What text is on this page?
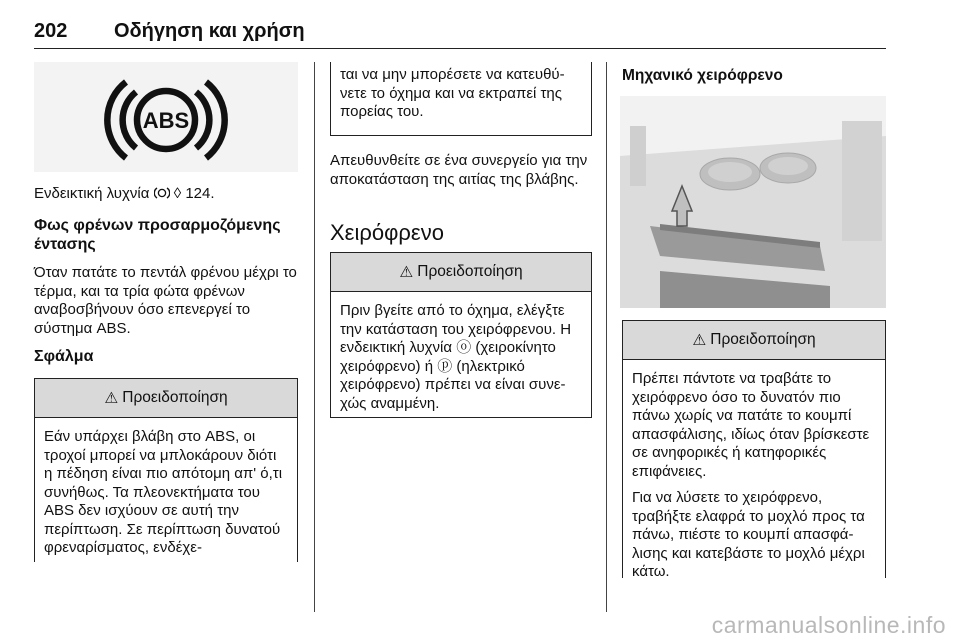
202 Οδήγηση και χρήση
ABS

Ενδεικτική λυχνία ◊ 124.

Φως φρένων προσαρμοζόμενης έντασης

Όταν πατάτε το πεντάλ φρένου μέχρι το τέρμα, και τα τρία φώτα φρένων αναβοσβήνουν όσο επενεργεί το σύστημα ABS.

Σφάλμα
⚠ Προειδοποίηση

Εάν υπάρχει βλάβη στο ABS, οι τροχοί μπορεί να μπλοκάρουν διότι η πέδηση είναι πιο απότομη απ' ό,τι συνήθως. Τα πλεονεκτήματα του ABS δεν ισχύουν σε αυτή την περίπτωση. Σε περίπτωση δυνατού φρεναρίσματος, ενδέχε-

ται να μην μπορέσετε να κατευθύνετε το όχημα και να εκτραπεί της πορείας του.

Απευθυνθείτε σε ένα συνεργείο για την αποκατάσταση της αιτίας της βλάβης.

Χειρόφρενο
⚠ Προειδοποίηση

Πριν βγείτε από το όχημα, ελέγξτε την κατάσταση του χειρόφρενου. Η ενδεικτική λυχνία ⓞ (χειροκίνητο χειρόφρενο) ή ⓟ (ηλεκτρικό χειρόφρενο) πρέπει να είναι συνεχώς αναμμένη.

Μηχανικό χειρόφρενο
⚠ Προειδοποίηση

Πρέπει πάντοτε να τραβάτε το χειρόφρενο όσο το δυνατόν πιο πάνω χωρίς να πατάτε το κουμπί απασφάλισης, ιδίως όταν βρίσκεστε σε ανηφορικές ή κατηφορικές επιφάνειες.

Για να λύσετε το χειρόφρενο, τραβήξτε ελαφρά το μοχλό προς τα πάνω, πιέστε το κουμπί απασφάλισης και κατεβάστε το μοχλό μέχρι κάτω.

carmanualsonline.info
